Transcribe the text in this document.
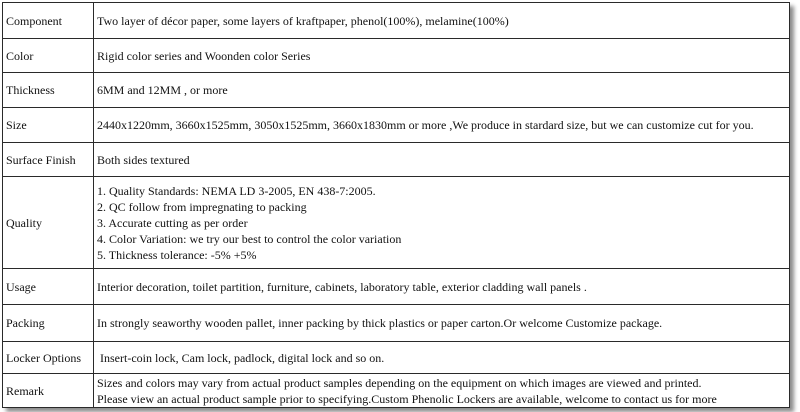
Component	Two layer of décor paper, some layers of kraftpaper, phenol(100%), melamine(100%)

Color	Rigid color series and Woonden color Series

Thickness	6MM and 12MM , or more

Size	2440x1220mm, 3660x1525mm, 3050x1525mm, 3660x1830mm or more ,We produce in stardard size, but we can customize cut for you.

Surface Finish	Both sides textured

Quality	1. Quality Standards: NEMA LD 3-2005, EN 438-7:2005.
2. QC follow from impregnating to packing
3. Accurate cutting as per order
4. Color Variation: we try our best to control the color variation
5. Thickness tolerance: -5% +5%

Usage	Interior decoration, toilet partition, furniture, cabinets, laboratory table, exterior cladding wall panels .

Packing	In strongly seaworthy wooden pallet, inner packing by thick plastics or paper carton.Or welcome Customize package.

Locker Options	Insert-coin lock, Cam lock, padlock, digital lock and so on.

Remark	Sizes and colors may vary from actual product samples depending on the equipment on which images are viewed and printed.
Please view an actual product sample prior to specifying.Custom Phenolic Lockers are available, welcome to contact us for more
